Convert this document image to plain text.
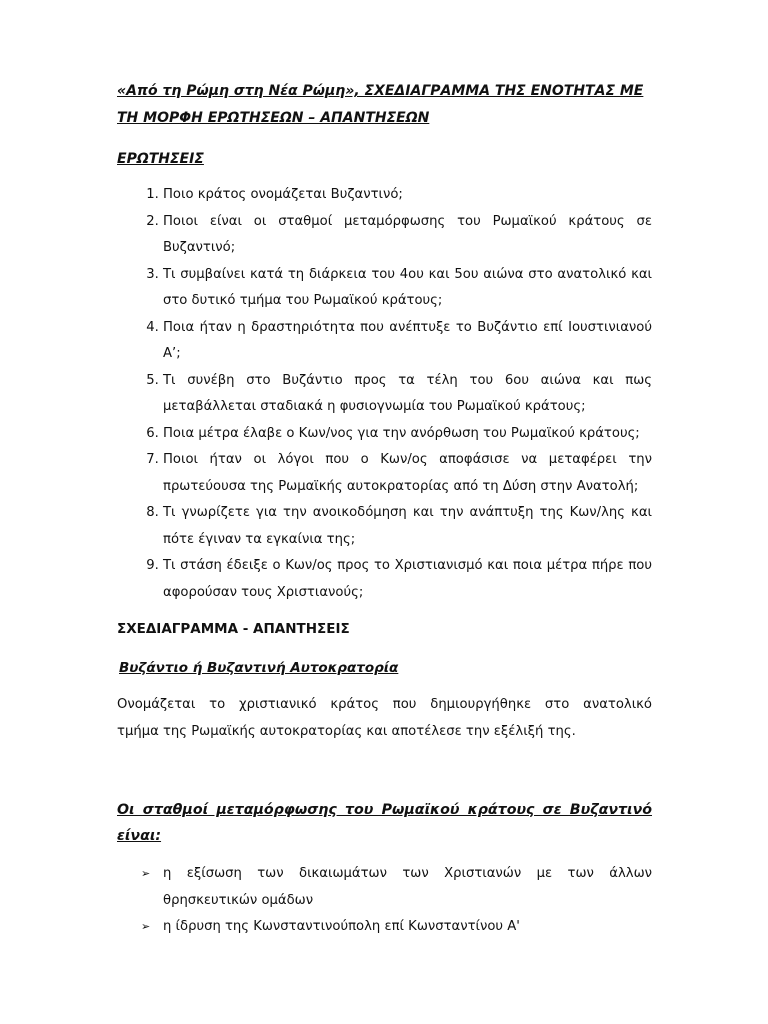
«Από τη Ρώμη στη Νέα Ρώμη», ΣΧΕΔΙΑΓΡΑΜΜΑ ΤΗΣ ΕΝΟΤΗΤΑΣ ΜΕ ΤΗ ΜΟΡΦΗ ΕΡΩΤΗΣΕΩΝ – ΑΠΑΝΤΗΣΕΩΝ

ΕΡΩΤΗΣΕΙΣ

1. Ποιο κράτος ονομάζεται Βυζαντινό;
2. Ποιοι είναι οι σταθμοί μεταμόρφωσης του Ρωμαϊκού κράτους σε Βυζαντινό;
3. Τι συμβαίνει κατά τη διάρκεια του 4ου και 5ου αιώνα στο ανατολικό και στο δυτικό τμήμα του Ρωμαϊκού κράτους;
4. Ποια ήταν η δραστηριότητα που ανέπτυξε το Βυζάντιο επί Ιουστινιανού Α’;
5. Τι συνέβη στο Βυζάντιο προς τα τέλη του 6ου αιώνα και πως μεταβάλλεται σταδιακά η φυσιογνωμία του Ρωμαϊκού κράτους;
6. Ποια μέτρα έλαβε ο Κων/νος για την ανόρθωση του Ρωμαϊκού κράτους;
7. Ποιοι ήταν οι λόγοι που ο Κων/ος αποφάσισε να μεταφέρει την πρωτεύουσα της Ρωμαϊκής αυτοκρατορίας από τη Δύση στην Ανατολή;
8. Τι γνωρίζετε για την ανοικοδόμηση και την ανάπτυξη της Κων/λης και πότε έγιναν τα εγκαίνια της;
9. Τι στάση έδειξε ο Κων/ος προς το Χριστιανισμό και ποια μέτρα πήρε που αφορούσαν τους Χριστιανούς;

ΣΧΕΔΙΑΓΡΑΜΜΑ - ΑΠΑΝΤΗΣΕΙΣ

Βυζάντιο ή Βυζαντινή Αυτοκρατορία

Ονομάζεται το χριστιανικό κράτος που δημιουργήθηκε στο ανατολικό
τμήμα της Ρωμαϊκής αυτοκρατορίας και αποτέλεσε την εξέλιξή της.

Οι σταθμοί μεταμόρφωσης του Ρωμαϊκού κράτους σε Βυζαντινό είναι:

➢ η εξίσωση των δικαιωμάτων των Χριστιανών με των άλλων θρησκευτικών ομάδων
➢ η ίδρυση της Κωνσταντινούπολη επί Κωνσταντίνου Α'
